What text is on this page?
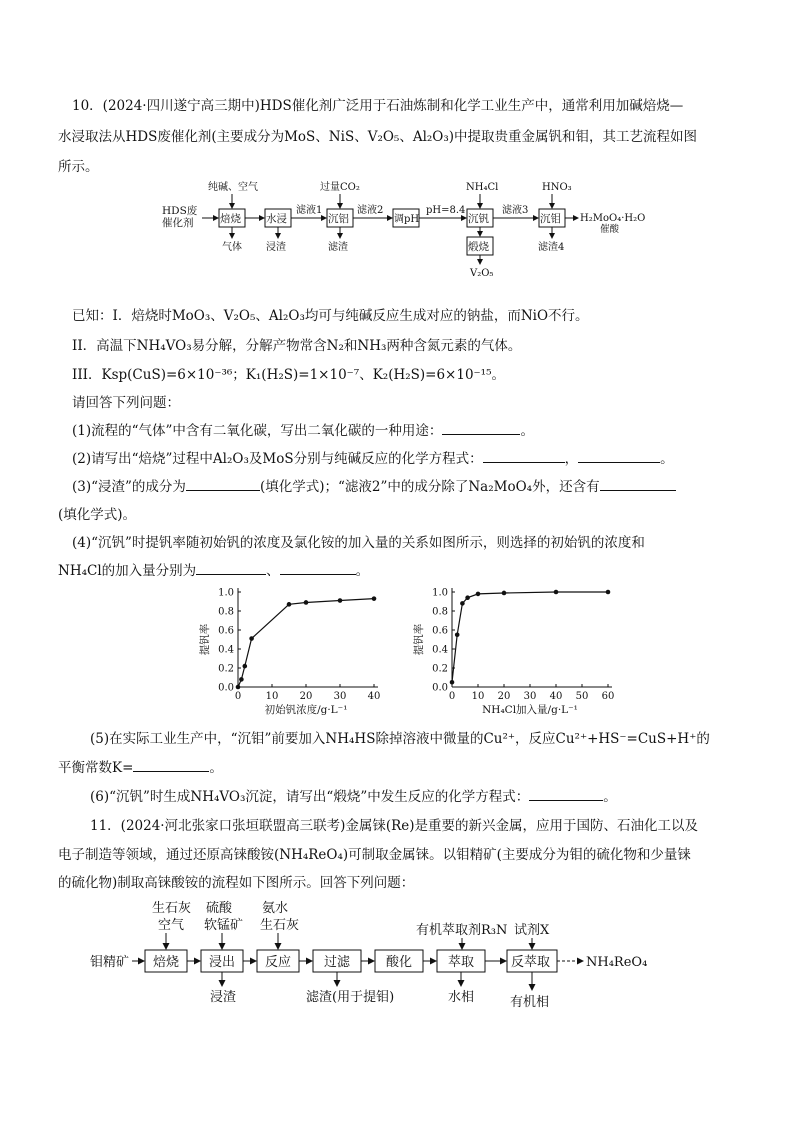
10．(2024·四川遂宁高三期中)HDS催化剂广泛用于石油炼制和化学工业生产中，通常利用加碱焙烧—
水浸取法从HDS废催化剂(主要成分为MoS、NiS、V₂O₅、Al₂O₃)中提取贵重金属钒和钼，其工艺流程如图
所示。
HDS废
催化剂	焙烧 水浸
滤液1
沉铝
滤液2
调pH
pH=8.4
沉钒
滤液3
沉钼 H₂MoO₄·H₂O
催酸
纯碱、空气	过量CO₂	NH₄Cl	HNO₃
气体 浸渣	滤渣	煅烧
V₂O₅
滤渣4
已知：I．焙烧时MoO₃、V₂O₅、Al₂O₃均可与纯碱反应生成对应的钠盐，而NiO不行。
II．高温下NH₄VO₃易分解，分解产物常含N₂和NH₃两种含氮元素的气体。
III．Ksp(CuS)=6×10⁻³⁶；K₁(H₂S)=1×10⁻⁷、K₂(H₂S)=6×10⁻¹⁵。
请回答下列问题：
(1)流程的“气体”中含有二氧化碳，写出二氧化碳的一种用途：	。
(2)请写出“焙烧”过程中Al₂O₃及MoS分别与纯碱反应的化学方程式：	，	。
(3)“浸渣”的成分为	(填化学式)；“滤液2”中的成分除了Na₂MoO₄外，还含有
(填化学式)。
(4)“沉钒”时提钒率随初始钒的浓度及氯化铵的加入量的关系如图所示，则选择的初始钒的浓度和
NH₄Cl的加入量分别为	、	。
0 10 20 30 40
0.0
0.2
0.4
0.6
0.8
1.0
初始钒浓度/g·L⁻¹
提钒率
0 10 20 30 40 50 60
0.0
0.2
0.4
0.6
0.8
1.0
NH₄Cl加入量/g·L⁻¹
提钒率
(5)在实际工业生产中，“沉钼”前要加入NH₄HS除掉溶液中微量的Cu²⁺，反应Cu²⁺+HS⁻=CuS+H⁺的
平衡常数K=	。
(6)“沉钒”时生成NH₄VO₃沉淀，请写出“煅烧”中发生反应的化学方程式：	。
11．(2024·河北张家口张垣联盟高三联考)金属铼(Re)是重要的新兴金属，应用于国防、石油化工以及
电子制造等领域，通过还原高铼酸铵(NH₄ReO₄)可制取金属铼。以钼精矿(主要成分为钼的硫化物和少量铼
的硫化物)制取高铼酸铵的流程如下图所示。回答下列问题：
钼精矿 焙烧 浸出 反应	过滤	酸化	萃取	反萃取	NH₄ReO₄
生石灰
空气
硫酸
软锰矿
氨水
生石灰	有机萃取剂R₃N 试剂X
浸渣	滤渣(用于提钼)	水相	有机相
